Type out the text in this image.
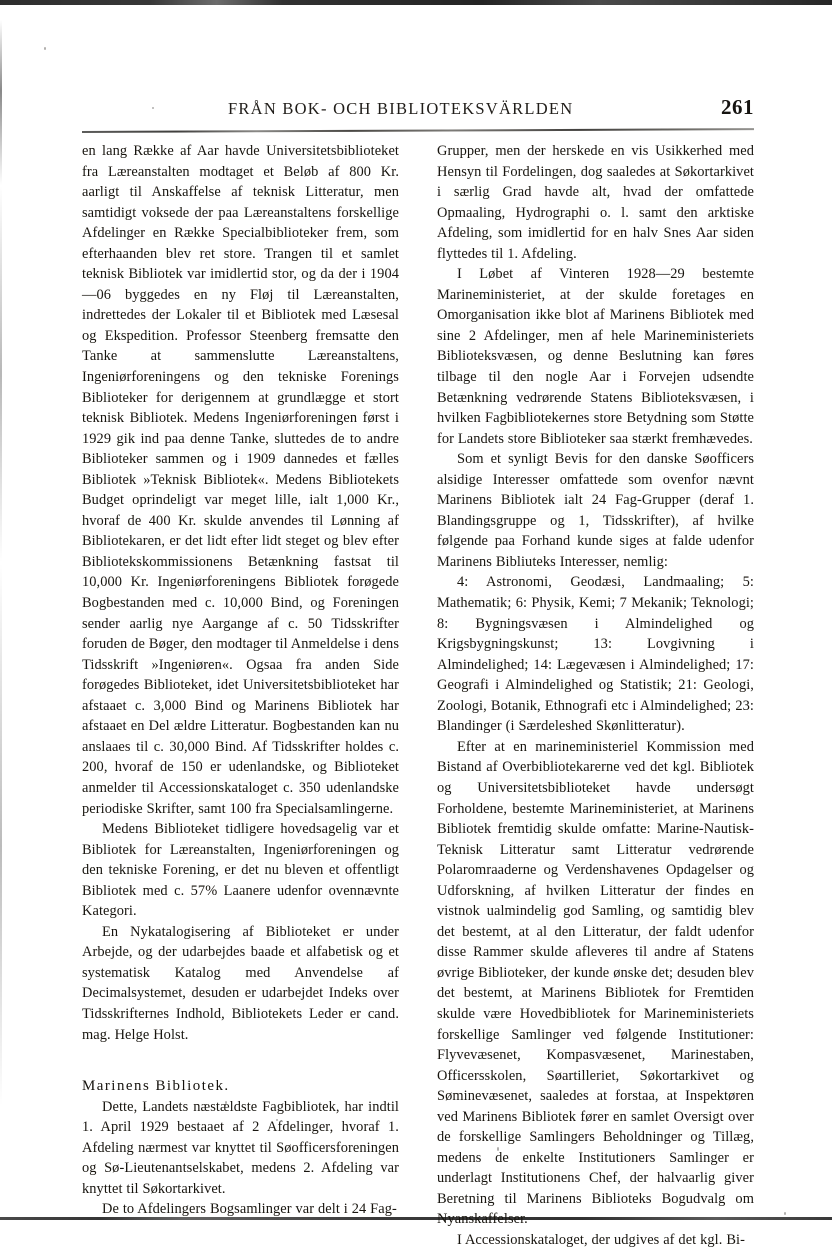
FRÅN BOK- OCH BIBLIOTEKSVÄRLDEN	261

en lang Række af Aar havde Universitetsbiblioteket fra Læreanstalten modtaget et Beløb af 800 Kr. aarligt til Anskaffelse af teknisk Litteratur, men samtidigt voksede der paa Læreanstaltens forskellige Afdelinger en Række Specialbiblioteker frem, som efterhaanden blev ret store. Trangen til et samlet teknisk Bibliotek var imidlertid stor, og da der i 1904—06 byggedes en ny Fløj til Læreanstalten, indrettedes der Lokaler til et Bibliotek med Læsesal og Ekspedition. Professor Steenberg fremsatte den Tanke at sammenslutte Læreanstaltens, Ingeniørforeningens og den tekniske Forenings Biblioteker for derigennem at grundlægge et stort teknisk Bibliotek. Medens Ingeniørforeningen først i 1929 gik ind paa denne Tanke, sluttedes de to andre Biblioteker sammen og i 1909 dannedes et fælles Bibliotek »Teknisk Bibliotek«. Medens Bibliotekets Budget oprindeligt var meget lille, ialt 1,000 Kr., hvoraf de 400 Kr. skulde anvendes til Lønning af Bibliotekaren, er det lidt efter lidt steget og blev efter Bibliotekskommissionens Betænkning fastsat til 10,000 Kr. Ingeniørforeningens Bibliotek forøgede Bogbestanden med c. 10,000 Bind, og Foreningen sender aarlig nye Aargange af c. 50 Tidsskrifter foruden de Bøger, den modtager til Anmeldelse i dens Tidsskrift »Ingeniøren«. Ogsaa fra anden Side forøgedes Biblioteket, idet Universitetsbiblioteket har afstaaet c. 3,000 Bind og Marinens Bibliotek har afstaaet en Del ældre Litteratur. Bogbestanden kan nu anslaaes til c. 30,000 Bind. Af Tidsskrifter holdes c. 200, hvoraf de 150 er udenlandske, og Biblioteket anmelder til Accessionskataloget c. 350 udenlandske periodiske Skrifter, samt 100 fra Specialsamlingerne.

Medens Biblioteket tidligere hovedsagelig var et Bibliotek for Læreanstalten, Ingeniørforeningen og den tekniske Forening, er det nu bleven et offentligt Bibliotek med c. 57% Laanere udenfor ovennævnte Kategori.

En Nykatalogisering af Biblioteket er under Arbejde, og der udarbejdes baade et alfabetisk og et systematisk Katalog med Anvendelse af Decimalsystemet, desuden er udarbejdet Indeks over Tidsskrifternes Indhold, Bibliotekets Leder er cand. mag. Helge Holst.

Marinens Bibliotek.

Dette, Landets næstældste Fagbibliotek, har indtil 1. April 1929 bestaaet af 2 Afdelinger, hvoraf 1. Afdeling nærmest var knyttet til Søofficersforeningen og Sø-Lieutenantselskabet, medens 2. Afdeling var knyttet til Søkortarkivet.

De to Afdelingers Bogsamlinger var delt i 24 Fag-

Grupper, men der herskede en vis Usikkerhed med Hensyn til Fordelingen, dog saaledes at Søkortarkivet i særlig Grad havde alt, hvad der omfattede Opmaaling, Hydrographi o. l. samt den arktiske Afdeling, som imidlertid for en halv Snes Aar siden flyttedes til 1. Afdeling.

I Løbet af Vinteren 1928—29 bestemte Marineministeriet, at der skulde foretages en Omorganisation ikke blot af Marinens Bibliotek med sine 2 Afdelinger, men af hele Marineministeriets Biblioteksvæsen, og denne Beslutning kan føres tilbage til den nogle Aar i Forvejen udsendte Betænkning vedrørende Statens Biblioteksvæsen, i hvilken Fagbibliotekernes store Betydning som Støtte for Landets store Biblioteker saa stærkt fremhævedes.

Som et synligt Bevis for den danske Søofficers alsidige Interesser omfattede som ovenfor nævnt Marinens Bibliotek ialt 24 Fag-Grupper (deraf 1. Blandingsgruppe og 1, Tidsskrifter), af hvilke følgende paa Forhand kunde siges at falde udenfor Marinens Bibliuteks Interesser, nemlig:

4: Astronomi, Geodæsi, Landmaaling; 5: Mathematik; 6: Physik, Kemi; 7 Mekanik; Teknologi; 8: Bygningsvæsen i Almindelighed og Krigsbygningskunst; 13: Lovgivning i Almindelighed; 14: Lægevæsen i Almindelighed; 17: Geografi i Almindelighed og Statistik; 21: Geologi, Zoologi, Botanik, Ethnografi etc i Almindelighed; 23: Blandinger (i Særdeleshed Skønlitteratur).

Efter at en marineministeriel Kommission med Bistand af Overbibliotekarerne ved det kgl. Bibliotek og Universitetsbiblioteket havde undersøgt Forholdene, bestemte Marineministeriet, at Marinens Bibliotek fremtidig skulde omfatte: Marine-Nautisk-Teknisk Litteratur samt Litteratur vedrørende Polaromraaderne og Verdenshavenes Opdagelser og Udforskning, af hvilken Litteratur der findes en vistnok ualmindelig god Samling, og samtidig blev det bestemt, at al den Litteratur, der faldt udenfor disse Rammer skulde afleveres til andre af Statens øvrige Biblioteker, der kunde ønske det; desuden blev det bestemt, at Marinens Bibliotek for Fremtiden skulde være Hovedbibliotek for Marineministeriets forskellige Samlinger ved følgende Institutioner: Flyvevæsenet, Kompasvæsenet, Marinestaben, Officersskolen, Søartilleriet, Søkortarkivet og Søminevæsenet, saaledes at forstaa, at Inspektøren ved Marinens Bibliotek fører en samlet Oversigt over de forskellige Samlingers Beholdninger og Tillæg, medens de enkelte Institutioners Samlinger er underlagt Institutionens Chef, der halvaarlig giver Beretning til Marinens Biblioteks Bogudvalg om Nyanskaffelser.

I Accessionskataloget, der udgives af det kgl. Bi-
